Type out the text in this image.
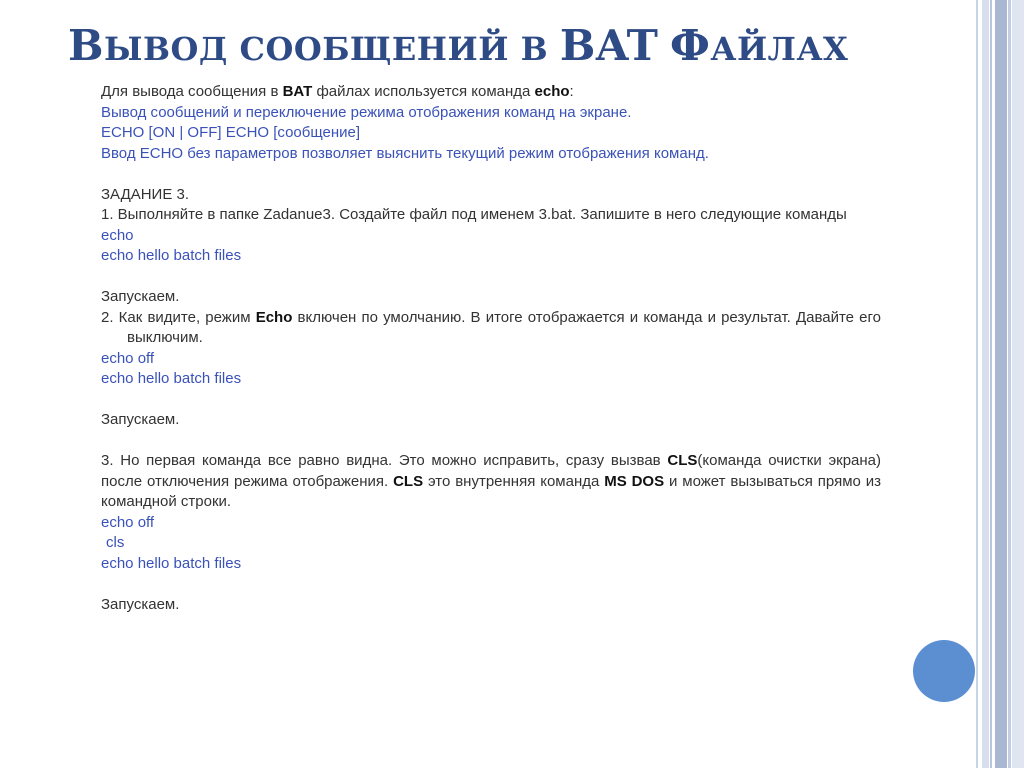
ВЫВОД СООБЩЕНИЙ В BAT ФАЙЛАХ

Для вывода сообщения в BAT файлах используется команда echo:

Вывод сообщений и переключение режима отображения команд на экране.

ECHO [ON | OFF] ECHO [сообщение]

Ввод ECHO без параметров позволяет выяснить текущий режим отображения команд.

ЗАДАНИЕ 3.

1. Выполняйте в папке Zadanue3. Создайте файл под именем 3.bat. Запишите в него следующие команды

echo

echo hello batch files

Запускаем.

2. Как видите, режим Echo включен по умолчанию. В итоге отображается и команда и результат. Давайте его выключим.

echo off

echo hello batch files

Запускаем.

3. Но первая команда все равно видна. Это можно исправить, сразу вызвав CLS(команда очистки экрана) после отключения режима отображения. CLS это внутренняя команда MS DOS и может вызываться прямо из командной строки.

echo off

cls

echo hello batch files

Запускаем.
